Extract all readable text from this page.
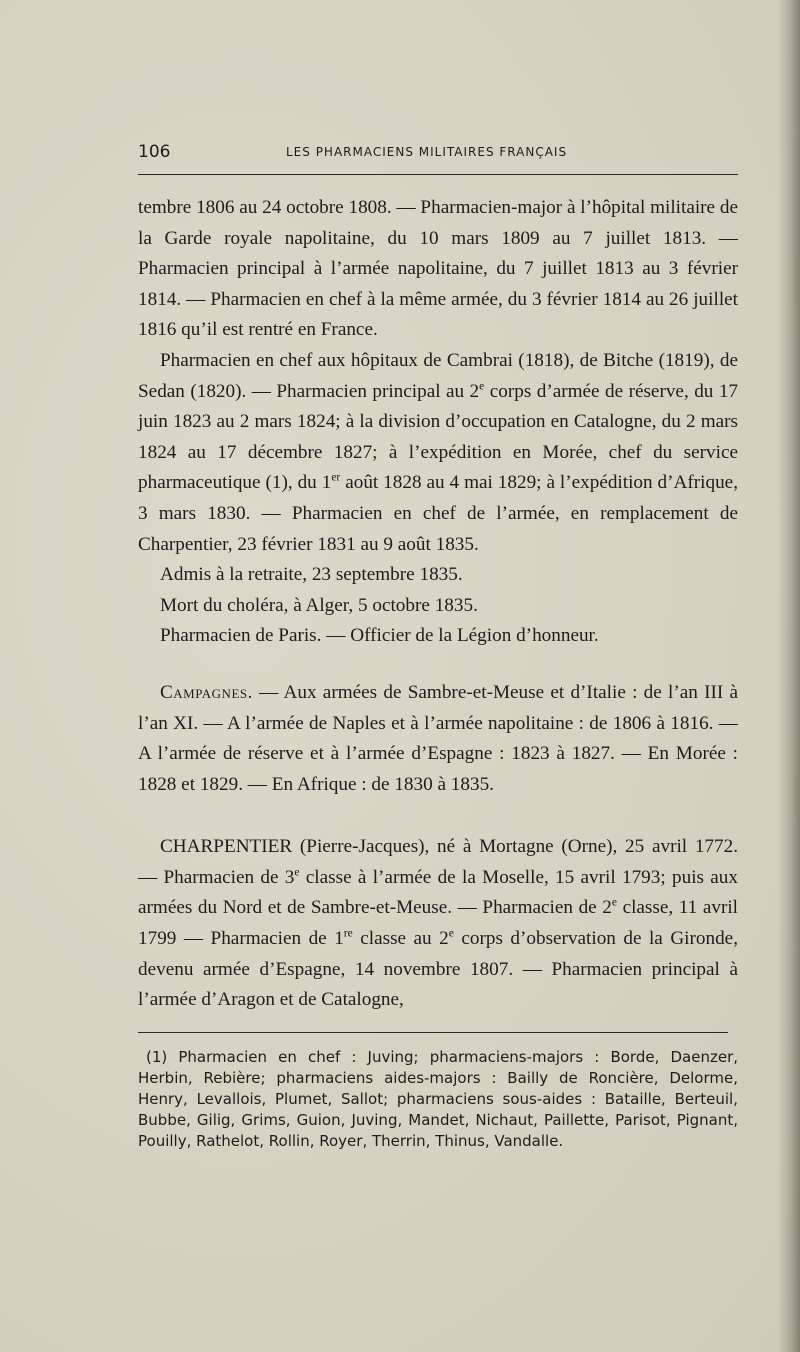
106	LES PHARMACIENS MILITAIRES FRANÇAIS

tembre 1806 au 24 octobre 1808. — Pharmacien-major à l’hôpital militaire de la Garde royale napolitaine, du 10 mars 1809 au 7 juillet 1813. — Pharmacien principal à l’armée napolitaine, du 7 juillet 1813 au 3 février 1814. — Pharmacien en chef à la même armée, du 3 février 1814 au 26 juillet 1816 qu’il est rentré en France.

Pharmacien en chef aux hôpitaux de Cambrai (1818), de Bitche (1819), de Sedan (1820). — Pharmacien principal au 2e corps d’armée de réserve, du 17 juin 1823 au 2 mars 1824; à la division d’occupation en Catalogne, du 2 mars 1824 au 17 décembre 1827; à l’expédition en Morée, chef du service pharmaceutique (1), du 1er août 1828 au 4 mai 1829; à l’expédition d’Afrique, 3 mars 1830. — Pharmacien en chef de l’armée, en remplacement de Charpentier, 23 février 1831 au 9 août 1835.

Admis à la retraite, 23 septembre 1835.

Mort du choléra, à Alger, 5 octobre 1835.

Pharmacien de Paris. — Officier de la Légion d’honneur.

Campagnes. — Aux armées de Sambre-et-Meuse et d’Italie : de l’an III à l’an XI. — A l’armée de Naples et à l’armée napolitaine : de 1806 à 1816. — A l’armée de réserve et à l’armée d’Espagne : 1823 à 1827. — En Morée : 1828 et 1829. — En Afrique : de 1830 à 1835.

CHARPENTIER (Pierre-Jacques), né à Mortagne (Orne), 25 avril 1772. — Pharmacien de 3e classe à l’armée de la Moselle, 15 avril 1793; puis aux armées du Nord et de Sambre-et-Meuse. — Pharmacien de 2e classe, 11 avril 1799 — Pharmacien de 1re classe au 2e corps d’observation de la Gironde, devenu armée d’Espagne, 14 novembre 1807. — Pharmacien principal à l’armée d’Aragon et de Catalogne,

(1) Pharmacien en chef : Juving; pharmaciens-majors : Borde, Daenzer, Herbin, Rebière; pharmaciens aides-majors : Bailly de Roncière, Delorme, Henry, Levallois, Plumet, Sallot; pharmaciens sous-aides : Bataille, Berteuil, Bubbe, Gilig, Grims, Guion, Juving, Mandet, Nichaut, Paillette, Parisot, Pignant, Pouilly, Rathelot, Rollin, Royer, Therrin, Thinus, Vandalle.
